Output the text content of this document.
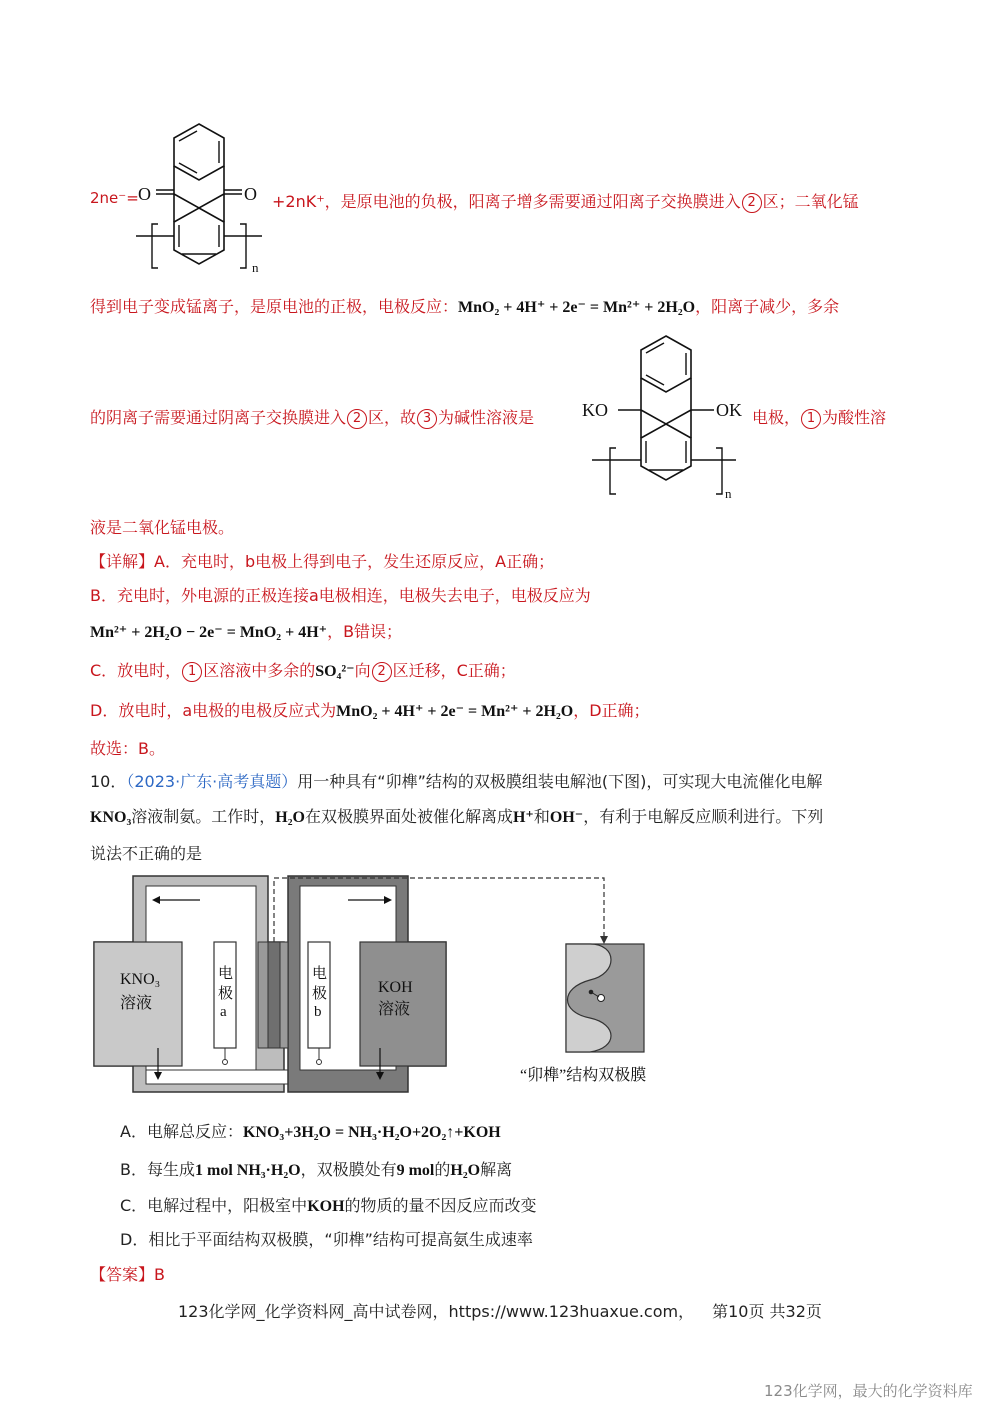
2ne⁻= O	O
n
+2nK⁺，是原电池的负极，阳离子增多需要通过阳离子交换膜进入 2 区；二氧化锰
得到电子变成锰离子，是原电池的正极，电极反应：MnO₂ + 4H⁺ + 2e⁻ = Mn²⁺ + 2H₂O，阳离子减少，多余
的阴离子需要通过阴离子交换膜进入 2 区，故 3 为碱性溶液是	KO	OK
n
电极， 1 为酸性溶
液是二氧化锰电极。
【详解】A．充电时，b电极上得到电子，发生还原反应，A正确；
B．充电时，外电源的正极连接a电极相连，电极失去电子，电极反应为
Mn²⁺ + 2H₂O − 2e⁻ = MnO₂ + 4H⁺，B错误；
C．放电时， 1 区溶液中多余的SO₄²⁻向 2 区迁移，C正确；
D．放电时，a电极的电极反应式为MnO₂ + 4H⁺ + 2e⁻ = Mn²⁺ + 2H₂O，D正确；
故选：B。
10．（2023·广东·高考真题）用一种具有“卯榫”结构的双极膜组装电解池(下图)，可实现大电流催化电解
KNO₃溶液制氨。工作时，H₂O在双极膜界面处被催化解离成H⁺和OH⁻，有利于电解反应顺利进行。下列
说法不正确的是
KNO₃
溶液
电
极
a
电
极
b
KOH
溶液
“卯榫”结构双极膜
A．电解总反应：KNO₃+3H₂O = NH₃·H₂O+2O₂↑+KOH
B．每生成1 mol NH₃·H₂O，双极膜处有9 mol的H₂O解离
C．电解过程中，阳极室中KOH的物质的量不因反应而改变
D．相比于平面结构双极膜，“卯榫”结构可提高氨生成速率
【答案】B
123化学网_化学资料网_高中试卷网，https://www.123huaxue.com， 第10页 共32页
123化学网，最大的化学资料库
